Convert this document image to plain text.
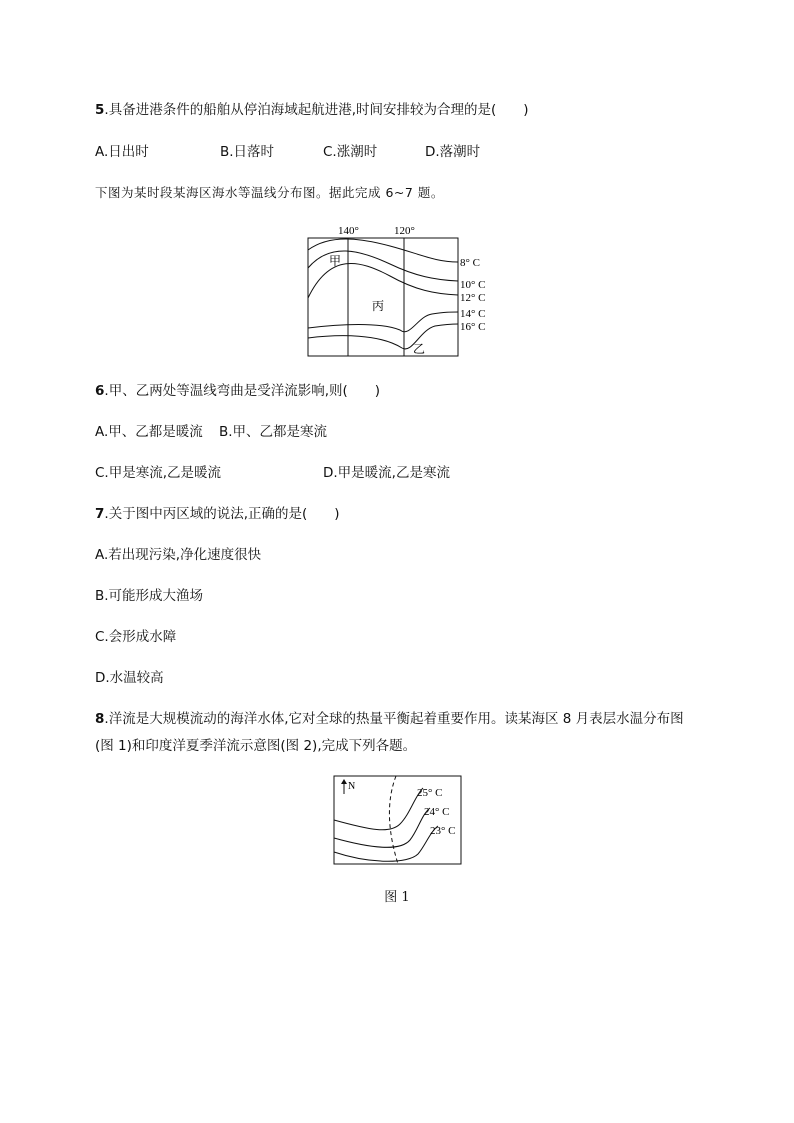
5.具备进港条件的船舶从停泊海域起航进港,时间安排较为合理的是(　　)
A.日出时	B.日落时	C.涨潮时	D.落潮时
下图为某时段某海区海水等温线分布图。据此完成 6~7 题。
140°	120°
甲
丙
乙
8° C
10° C
12° C
14° C
16° C
6.甲、乙两处等温线弯曲是受洋流影响,则(　　)
A.甲、乙都是暖流 B.甲、乙都是寒流
C.甲是寒流,乙是暖流	D.甲是暖流,乙是寒流
7.关于图中丙区域的说法,正确的是(　　)
A.若出现污染,净化速度很快
B.可能形成大渔场
C.会形成水障
D.水温较高
8.洋流是大规模流动的海洋水体,它对全球的热量平衡起着重要作用。读某海区 8 月表层水温分布图
(图 1)和印度洋夏季洋流示意图(图 2),完成下列各题。
N
25° C
24° C
23° C
图 1
